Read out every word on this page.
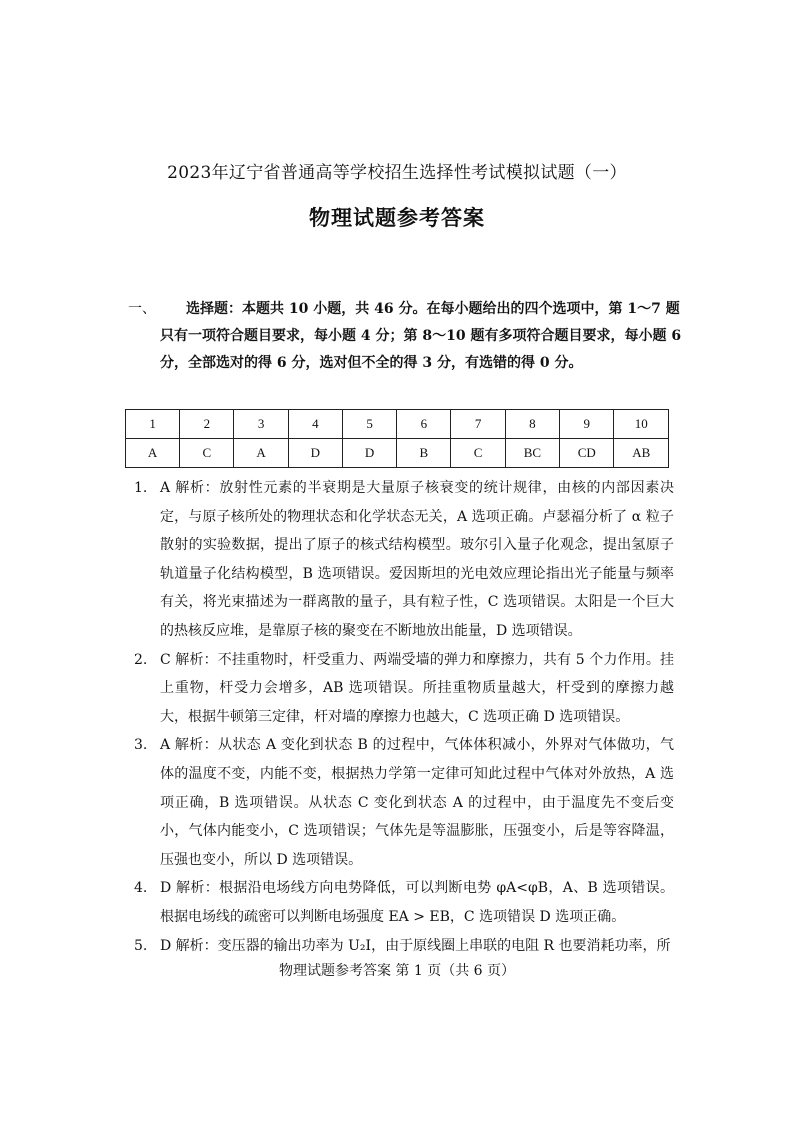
2023年辽宁省普通高等学校招生选择性考试模拟试题（一）
物理试题参考答案
一、	选择题：本题共 10 小题，共 46 分。在每小题给出的四个选项中，第 1～7 题只有一项符合题目要求，每小题 4 分；第 8～10 题有多项符合题目要求，每小题 6 分，全部选对的得 6 分，选对但不全的得 3 分，有选错的得 0 分。
1	2	3	4	5	6	7	8	9	10
A	C	A	D	D	B	C	BC	CD	AB
1. A 解析：放射性元素的半衰期是大量原子核衰变的统计规律，由核的内部因素决定，与原子核所处的物理状态和化学状态无关，A 选项正确。卢瑟福分析了 α 粒子散射的实验数据，提出了原子的核式结构模型。玻尔引入量子化观念，提出氢原子轨道量子化结构模型，B 选项错误。爱因斯坦的光电效应理论指出光子能量与频率有关，将光束描述为一群离散的量子，具有粒子性，C 选项错误。太阳是一个巨大的热核反应堆，是靠原子核的聚变在不断地放出能量，D 选项错误。
2. C 解析：不挂重物时，杆受重力、两端受墙的弹力和摩擦力，共有 5 个力作用。挂上重物，杆受力会增多，AB 选项错误。所挂重物质量越大，杆受到的摩擦力越大，根据牛顿第三定律，杆对墙的摩擦力也越大，C 选项正确 D 选项错误。
3. A 解析：从状态 A 变化到状态 B 的过程中，气体体积减小，外界对气体做功，气体的温度不变，内能不变，根据热力学第一定律可知此过程中气体对外放热，A 选项正确，B 选项错误。从状态 C 变化到状态 A 的过程中，由于温度先不变后变小，气体内能变小，C 选项错误；气体先是等温膨胀，压强变小，后是等容降温，压强也变小，所以 D 选项错误。
4. D 解析：根据沿电场线方向电势降低，可以判断电势 φA<φB，A、B 选项错误。根据电场线的疏密可以判断电场强度 EA > EB，C 选项错误 D 选项正确。
5. D 解析：变压器的输出功率为 U₂I，由于原线圈上串联的电阻 R 也要消耗功率，所
物理试题参考答案 第 1 页（共 6 页）
